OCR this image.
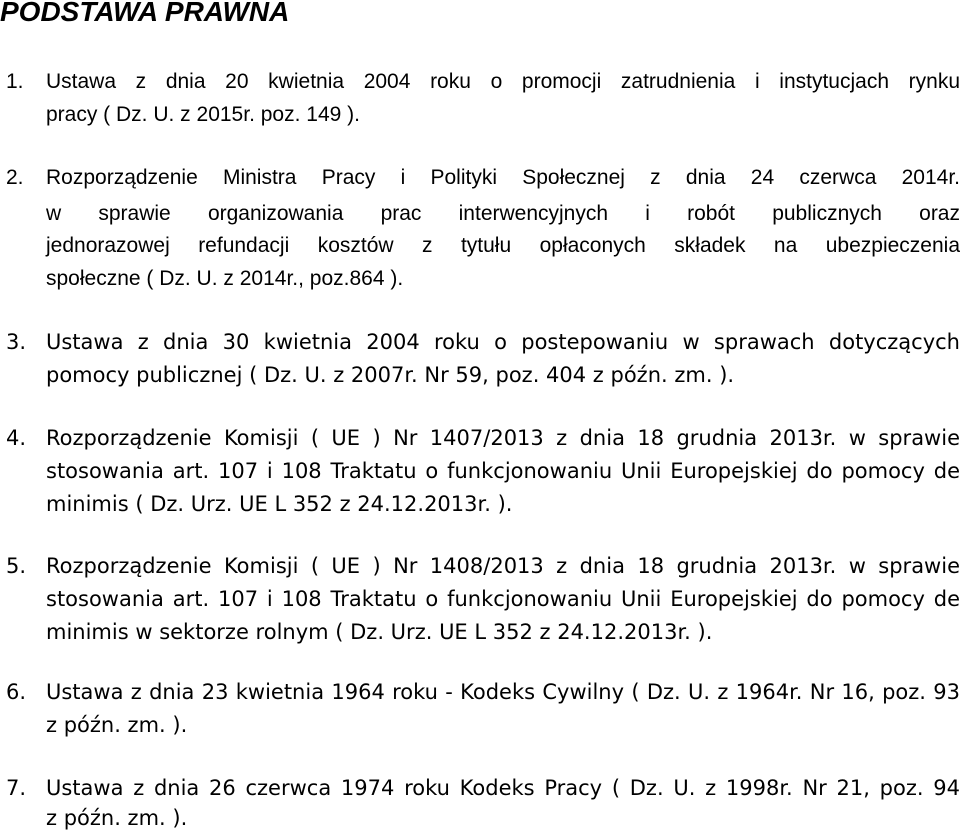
PODSTAWA PRAWNA
1. Ustawa z dnia 20 kwietnia 2004 roku o promocji zatrudnienia i instytucjach rynku
pracy ( Dz. U. z 2015r. poz. 149 ).
2. Rozporządzenie Ministra Pracy i Polityki Społecznej z dnia 24 czerwca 2014r.
w sprawie organizowania prac interwencyjnych i robót publicznych oraz
jednorazowej refundacji kosztów z tytułu opłaconych składek na ubezpieczenia
społeczne ( Dz. U. z 2014r., poz.864 ).
3. Ustawa z dnia 30 kwietnia 2004 roku o postepowaniu w sprawach dotyczących
pomocy publicznej ( Dz. U. z 2007r. Nr 59, poz. 404 z późn. zm. ).
4. Rozporządzenie Komisji ( UE ) Nr 1407/2013 z dnia 18 grudnia 2013r. w sprawie
stosowania art. 107 i 108 Traktatu o funkcjonowaniu Unii Europejskiej do pomocy de
minimis ( Dz. Urz. UE L 352 z 24.12.2013r. ).
5. Rozporządzenie Komisji ( UE ) Nr 1408/2013 z dnia 18 grudnia 2013r. w sprawie
stosowania art. 107 i 108 Traktatu o funkcjonowaniu Unii Europejskiej do pomocy de
minimis w sektorze rolnym ( Dz. Urz. UE L 352 z 24.12.2013r. ).
6. Ustawa z dnia 23 kwietnia 1964 roku - Kodeks Cywilny ( Dz. U. z 1964r. Nr 16, poz. 93
z późn. zm. ).
7. Ustawa z dnia 26 czerwca 1974 roku Kodeks Pracy ( Dz. U. z 1998r. Nr 21, poz. 94
z późn. zm. ).
